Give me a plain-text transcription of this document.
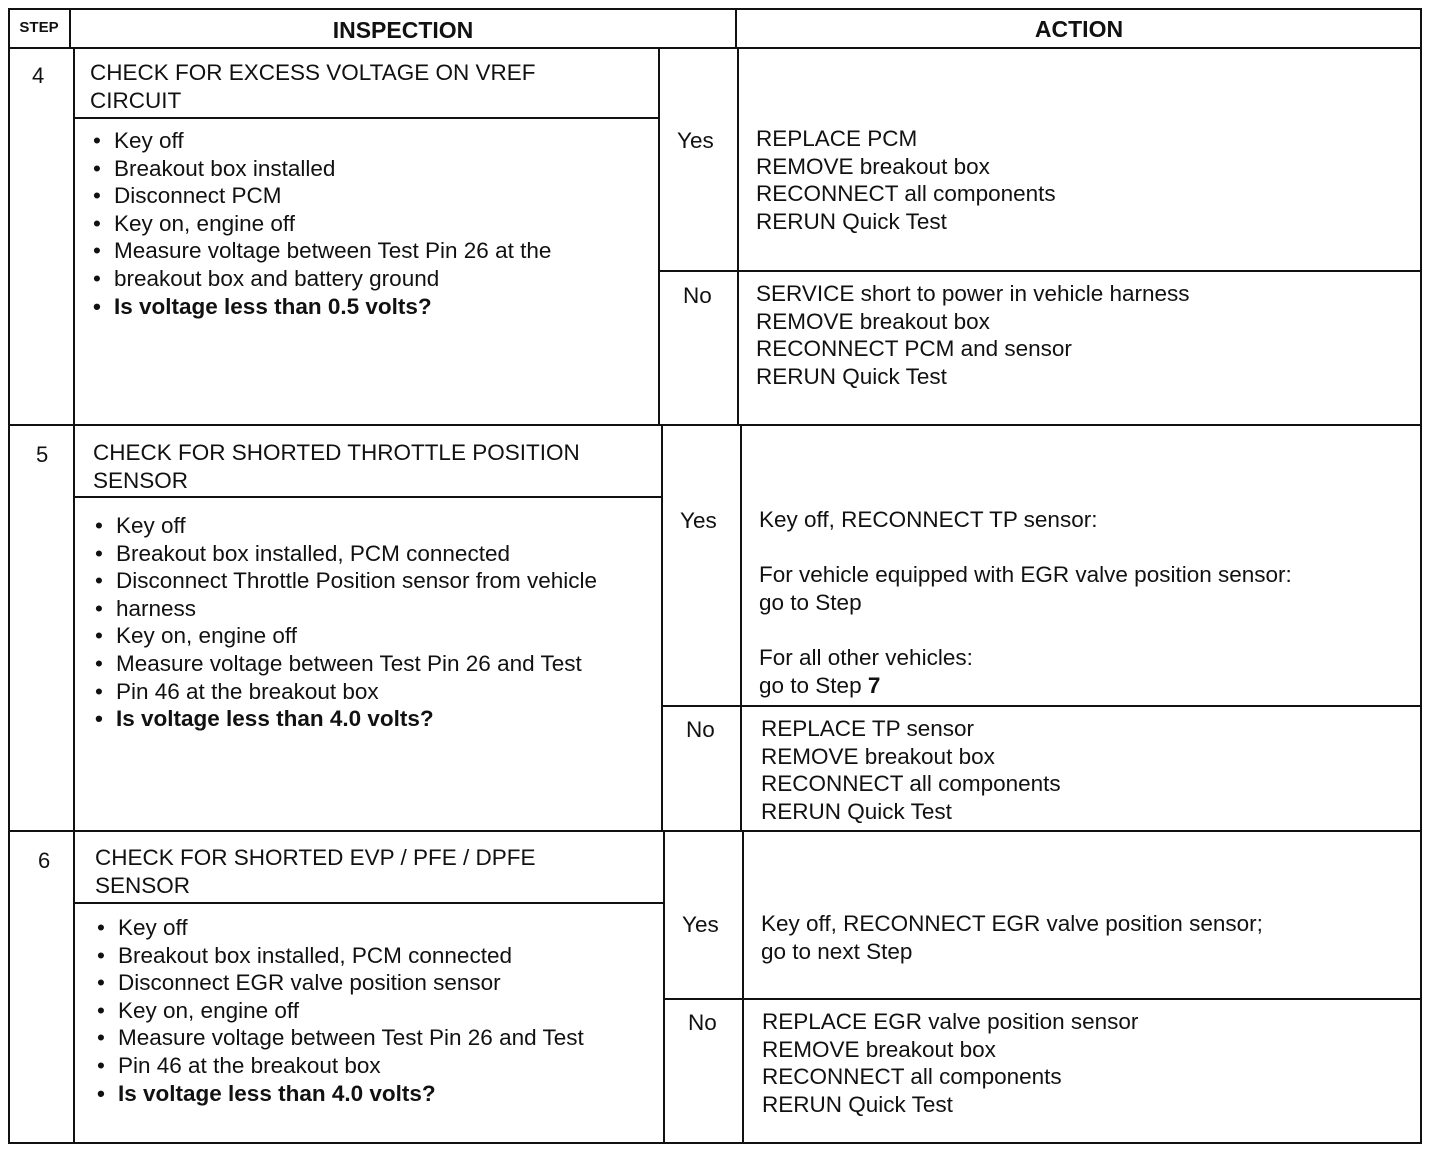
STEP	INSPECTION	ACTION
4 CHECK FOR EXCESS VOLTAGE ON VREF CIRCUIT
• Key off
• Breakout box installed
• Disconnect PCM
• Key on, engine off
• Measure voltage between Test Pin 26 at the
• breakout box and battery ground
• Is voltage less than 0.5 volts?
Yes
No
REPLACE PCM
REMOVE breakout box
RECONNECT all components
RERUN Quick Test
SERVICE short to power in vehicle harness
REMOVE breakout box
RECONNECT PCM and sensor
RERUN Quick Test
5 CHECK FOR SHORTED THROTTLE POSITION SENSOR
• Key off
• Breakout box installed, PCM connected
• Disconnect Throttle Position sensor from vehicle
• harness
• Key on, engine off
• Measure voltage between Test Pin 26 and Test
• Pin 46 at the breakout box
• Is voltage less than 4.0 volts?
Yes
No
Key off, RECONNECT TP sensor:
For vehicle equipped with EGR valve position sensor:
go to Step
For all other vehicles:
go to Step 7
REPLACE TP sensor
REMOVE breakout box
RECONNECT all components
RERUN Quick Test
6 CHECK FOR SHORTED EVP / PFE / DPFE SENSOR
• Key off
• Breakout box installed, PCM connected
• Disconnect EGR valve position sensor
• Key on, engine off
• Measure voltage between Test Pin 26 and Test
• Pin 46 at the breakout box
• Is voltage less than 4.0 volts?
Yes
No
Key off, RECONNECT EGR valve position sensor;
go to next Step
REPLACE EGR valve position sensor
REMOVE breakout box
RECONNECT all components
RERUN Quick Test
